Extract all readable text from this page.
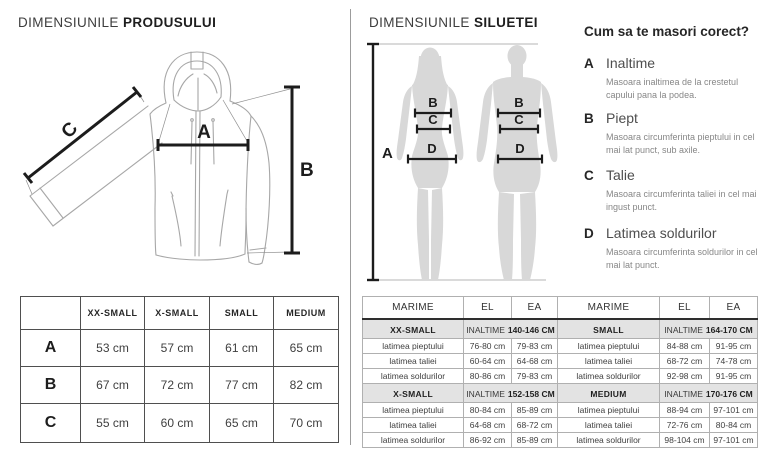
DIMENSIUNILE PRODUSULUI	DIMENSIUNILE SILUETEI
A
B
C
A
B
C
D
B
C
D
Cum sa te masori corect?
A Inaltime
Masoara inaltimea de la crestetul capului pana la podea.
B Piept
Masoara circumferinta pieptului in cel mai lat punct, sub axile.
C Talie
Masoara circumferinta taliei in cel mai ingust punct.
D Latimea soldurilor
Masoara circumferinta soldurilor in cel mai lat punct.
	XX-SMALL	X-SMALL	SMALL	MEDIUM
A	53 cm	57 cm	61 cm	65 cm
B	67 cm	72 cm	77 cm	82 cm
C	55 cm	60 cm	65 cm	70 cm
MARIME	EL	EA	MARIME	EL	EA
XX-SMALL	INALTIME 140-146 CM		SMALL	INALTIME 164-170 CM	
latimea pieptului	76-80 cm	79-83 cm	latimea pieptului	84-88 cm	91-95 cm
latimea taliei	60-64 cm	64-68 cm	latimea taliei	68-72 cm	74-78 cm
latimea soldurilor	80-86 cm	79-83 cm	latimea soldurilor	92-98 cm	91-95 cm
X-SMALL	INALTIME 152-158 CM		MEDIUM	INALTIME 170-176 CM	
latimea pieptului	80-84 cm	85-89 cm	latimea pieptului	88-94 cm	97-101 cm
latimea taliei	64-68 cm	68-72 cm	latimea taliei	72-76 cm	80-84 cm
latimea soldurilor	86-92 cm	85-89 cm	latimea soldurilor	98-104 cm	97-101 cm
